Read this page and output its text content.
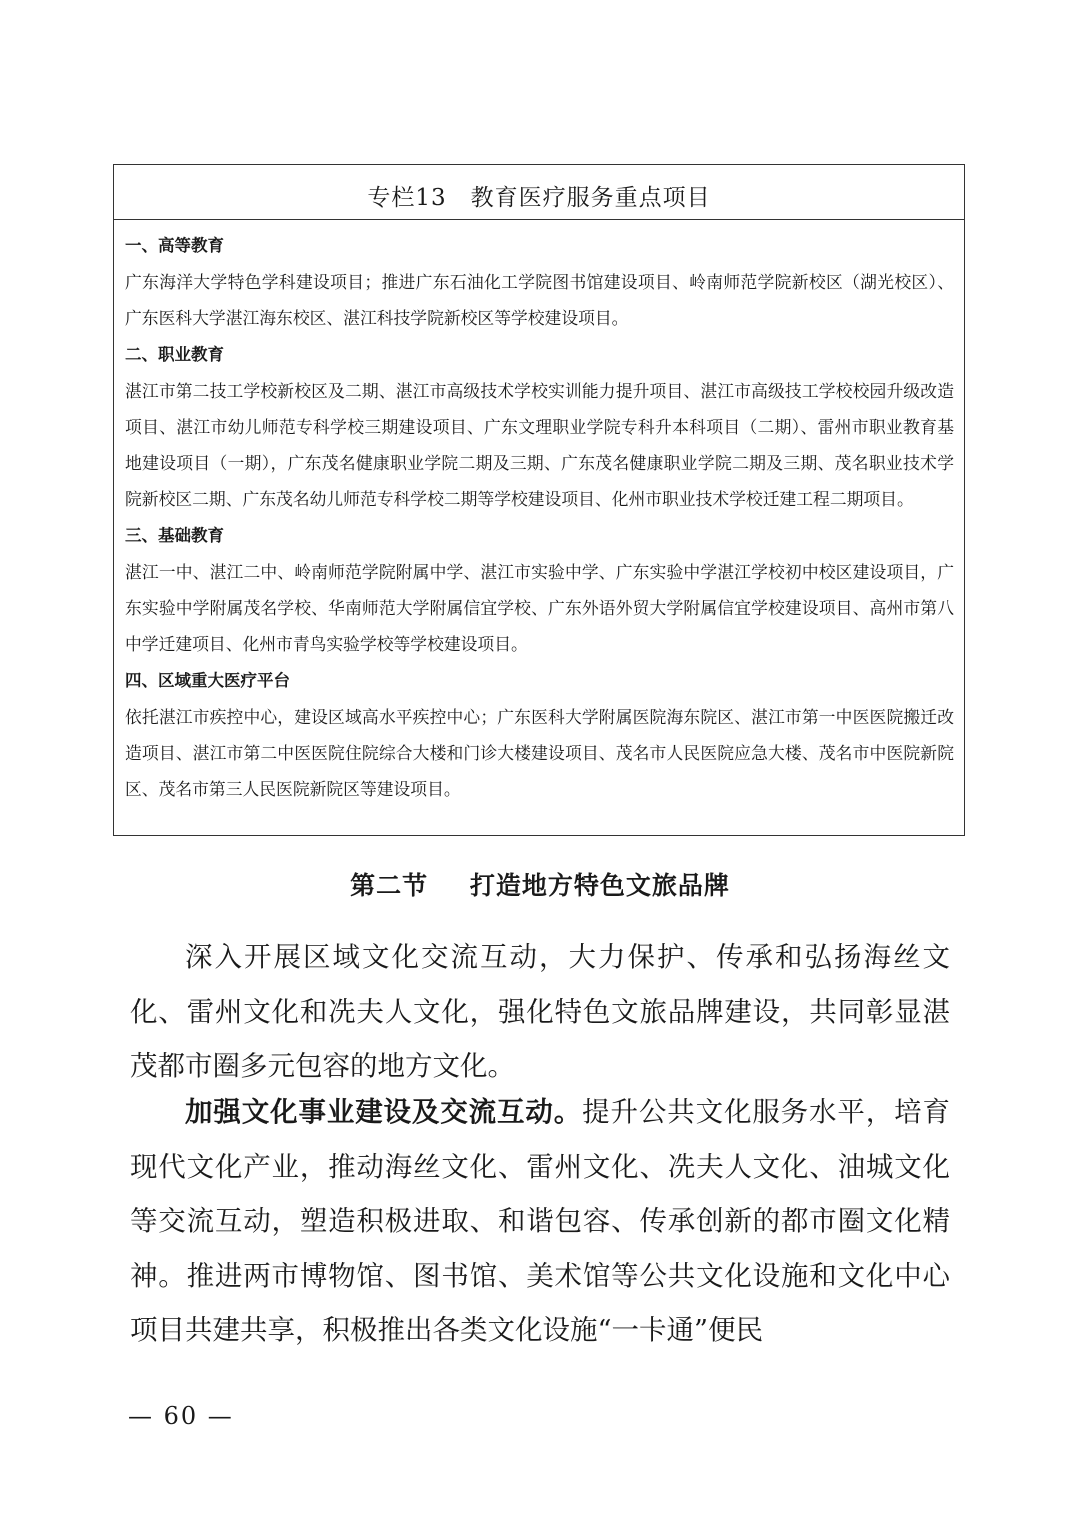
专栏13 教育医疗服务重点项目
一、高等教育

广东海洋大学特色学科建设项目；推进广东石油化工学院图书馆建设项目、岭南师范学院新校区（湖光校区）、广东医科大学湛江海东校区、湛江科技学院新校区等学校建设项目。

二、职业教育

湛江市第二技工学校新校区及二期、湛江市高级技术学校实训能力提升项目、湛江市高级技工学校校园升级改造项目、湛江市幼儿师范专科学校三期建设项目、广东文理职业学院专科升本科项目（二期）、雷州市职业教育基地建设项目（一期），广东茂名健康职业学院二期及三期、广东茂名健康职业学院二期及三期、茂名职业技术学院新校区二期、广东茂名幼儿师范专科学校二期等学校建设项目、化州市职业技术学校迁建工程二期项目。

三、基础教育

湛江一中、湛江二中、岭南师范学院附属中学、湛江市实验中学、广东实验中学湛江学校初中校区建设项目，广东实验中学附属茂名学校、华南师范大学附属信宜学校、广东外语外贸大学附属信宜学校建设项目、高州市第八中学迁建项目、化州市青鸟实验学校等学校建设项目。

四、区域重大医疗平台

依托湛江市疾控中心，建设区域高水平疾控中心；广东医科大学附属医院海东院区、湛江市第一中医医院搬迁改造项目、湛江市第二中医医院住院综合大楼和门诊大楼建设项目、茂名市人民医院应急大楼、茂名市中医院新院区、茂名市第三人民医院新院区等建设项目。

第二节 打造地方特色文旅品牌

深入开展区域文化交流互动，大力保护、传承和弘扬海丝文化、雷州文化和冼夫人文化，强化特色文旅品牌建设，共同彰显湛茂都市圈多元包容的地方文化。

加强文化事业建设及交流互动。提升公共文化服务水平，培育现代文化产业，推动海丝文化、雷州文化、冼夫人文化、油城文化等交流互动，塑造积极进取、和谐包容、传承创新的都市圈文化精神。推进两市博物馆、图书馆、美术馆等公共文化设施和文化中心项目共建共享，积极推出各类文化设施“一卡通”便民

— 60 —
